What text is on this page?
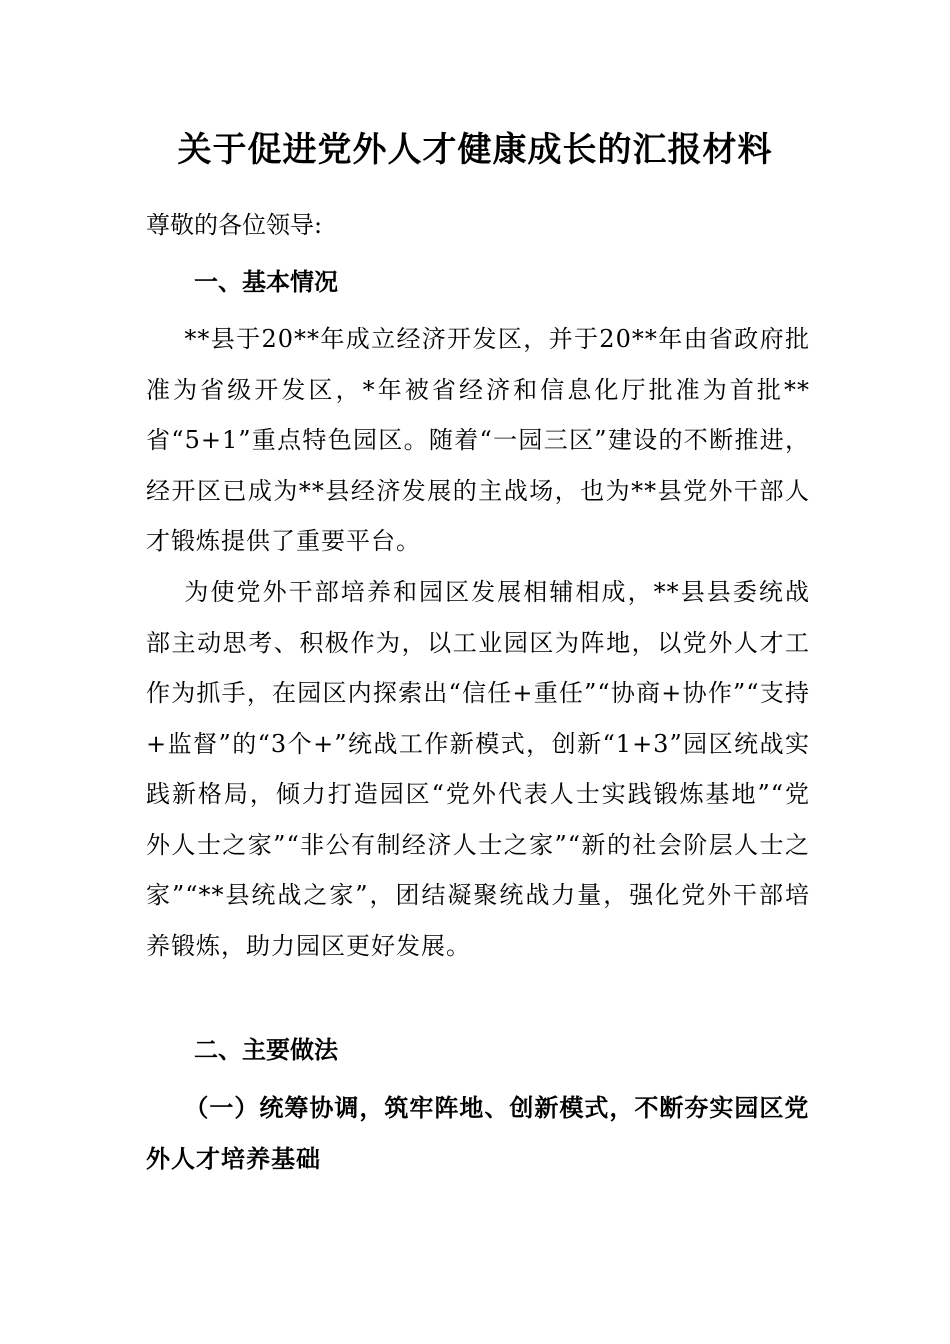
关于促进党外人才健康成长的汇报材料
尊敬的各位领导:
一、基本情况
**县于20**年成立经济开发区，并于20**年由省政府批准为省级开发区，*年被省经济和信息化厅批准为首批**省“5+1”重点特色园区。随着“一园三区”建设的不断推进，经开区已成为**县经济发展的主战场，也为**县党外干部人才锻炼提供了重要平台。
为使党外干部培养和园区发展相辅相成，**县县委统战部主动思考、积极作为，以工业园区为阵地，以党外人才工作为抓手，在园区内探索出“信任+重任”“协商+协作”“支持+监督”的“3个+”统战工作新模式，创新“1+3”园区统战实践新格局，倾力打造园区“党外代表人士实践锻炼基地”“党外人士之家”“非公有制经济人士之家”“新的社会阶层人士之家”“**县统战之家”，团结凝聚统战力量，强化党外干部培养锻炼，助力园区更好发展。
二、主要做法
（一）统筹协调，筑牢阵地、创新模式，不断夯实园区党外人才培养基础
